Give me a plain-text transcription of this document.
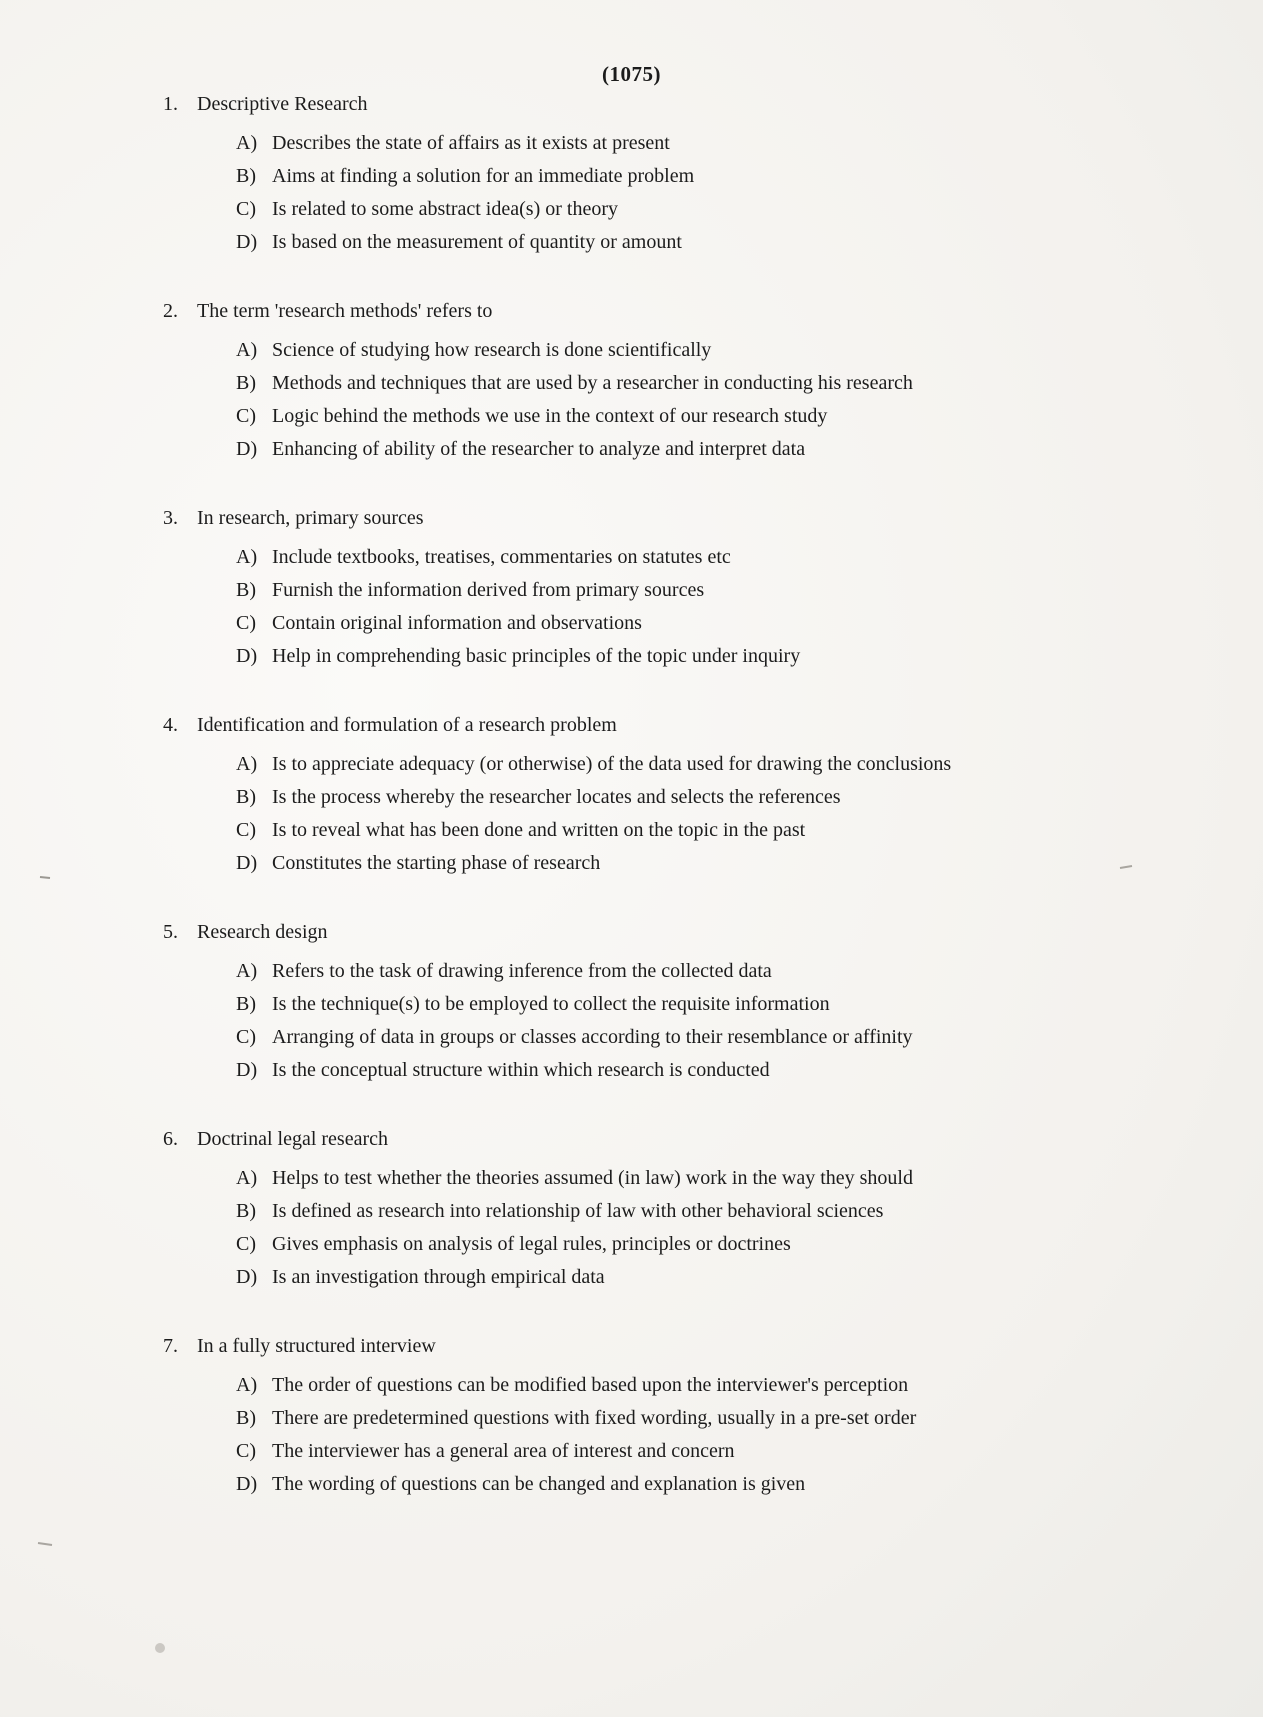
(1075)
1. Descriptive Research
A) Describes the state of affairs as it exists at present
B) Aims at finding a solution for an immediate problem
C) Is related to some abstract idea(s) or theory
D) Is based on the measurement of quantity or amount
2. The term 'research methods' refers to
A) Science of studying how research is done scientifically
B) Methods and techniques that are used by a researcher in conducting his research
C) Logic behind the methods we use in the context of our research study
D) Enhancing of ability of the researcher to analyze and interpret data
3. In research, primary sources
A) Include textbooks, treatises, commentaries on statutes etc
B) Furnish the information derived from primary sources
C) Contain original information and observations
D) Help in comprehending basic principles of the topic under inquiry
4. Identification and formulation of a research problem
A) Is to appreciate adequacy (or otherwise) of the data used for drawing the conclusions
B) Is the process whereby the researcher locates and selects the references
C) Is to reveal what has been done and written on the topic in the past
D) Constitutes the starting phase of research
5. Research design
A) Refers to the task of drawing inference from the collected data
B) Is the technique(s) to be employed to collect the requisite information
C) Arranging of data in groups or classes according to their resemblance or affinity
D) Is the conceptual structure within which research is conducted
6. Doctrinal legal research
A) Helps to test whether the theories assumed (in law) work in the way they should
B) Is defined as research into relationship of law with other behavioral sciences
C) Gives emphasis on analysis of legal rules, principles or doctrines
D) Is an investigation through empirical data
7. In a fully structured interview
A) The order of questions can be modified based upon the interviewer's perception
B) There are predetermined questions with fixed wording, usually in a pre-set order
C) The interviewer has a general area of interest and concern
D) The wording of questions can be changed and explanation is given
